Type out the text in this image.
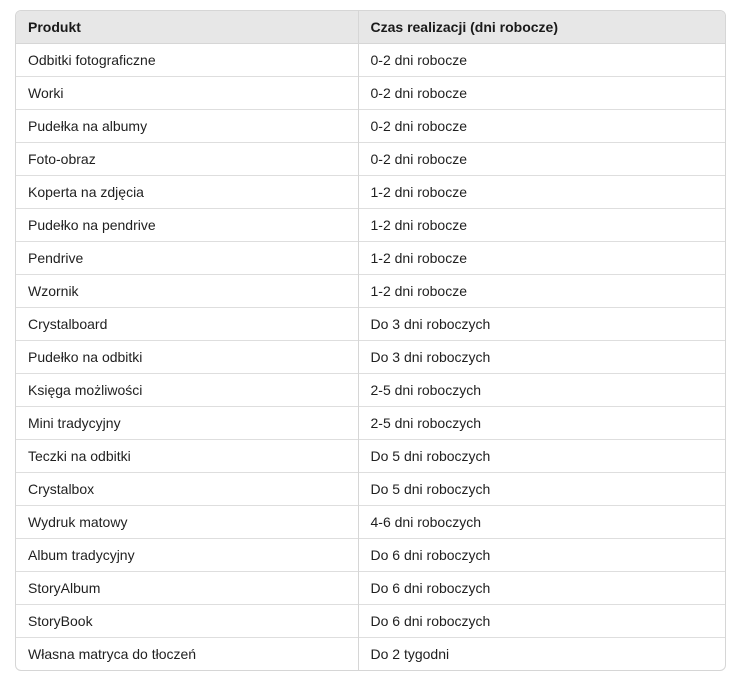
Produkt	Czas realizacji (dni robocze)
Odbitki fotograficzne	0-2 dni robocze
Worki	0-2 dni robocze
Pudełka na albumy	0-2 dni robocze
Foto-obraz	0-2 dni robocze
Koperta na zdjęcia	1-2 dni robocze
Pudełko na pendrive	1-2 dni robocze
Pendrive	1-2 dni robocze
Wzornik	1-2 dni robocze
Crystalboard	Do 3 dni roboczych
Pudełko na odbitki	Do 3 dni roboczych
Księga możliwości	2-5 dni roboczych
Mini tradycyjny	2-5 dni roboczych
Teczki na odbitki	Do 5 dni roboczych
Crystalbox	Do 5 dni roboczych
Wydruk matowy	4-6 dni roboczych
Album tradycyjny	Do 6 dni roboczych
StoryAlbum	Do 6 dni roboczych
StoryBook	Do 6 dni roboczych
Własna matryca do tłoczeń	Do 2 tygodni
